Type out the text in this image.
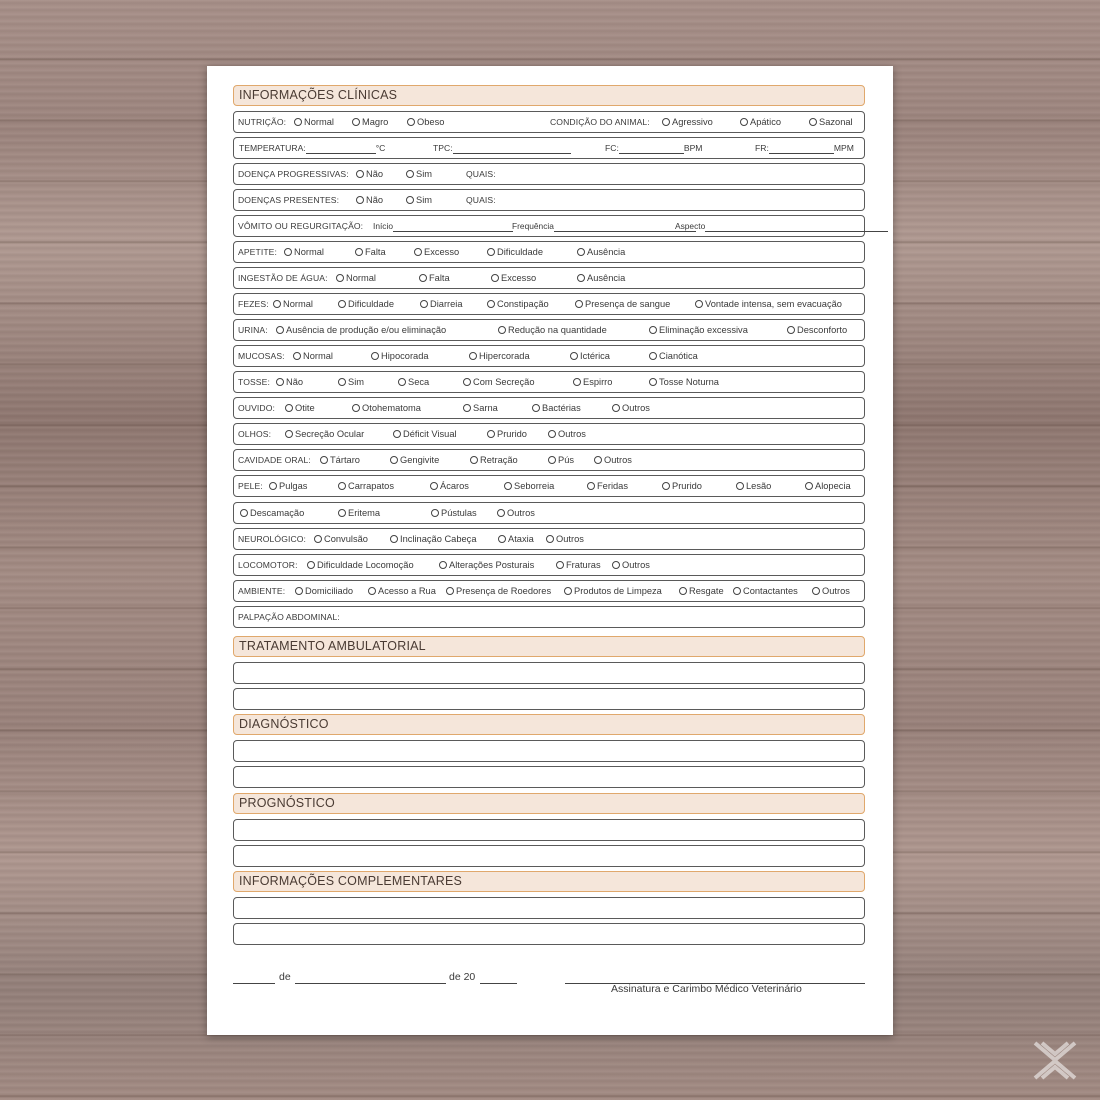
INFORMAÇÕES CLÍNICAS
NUTRIÇÃO:	Normal	Magro	Obeso	CONDIÇÃO DO ANIMAL:	Agressivo	Apático	Sazonal
TEMPERATURA:	°C	TPC:	FC:	BPM	FR:	MPM
DOENÇA PROGRESSIVAS:	Não	Sim	QUAIS:
DOENÇAS PRESENTES:	Não	Sim	QUAIS:
VÔMITO OU REGURGITAÇÃO: Início	Frequência	Aspecto
APETITE:	Normal	Falta	Excesso	Dificuldade	Ausência
INGESTÃO DE ÁGUA:	Normal	Falta	Excesso	Ausência
FEZES:	Normal	Dificuldade	Diarreia	Constipação	Presença de sangue	Vontade intensa, sem evacuação
URINA:	Ausência de produção e/ou eliminação	Redução na quantidade	Eliminação excessiva	Desconforto
MUCOSAS:	Normal	Hipocorada	Hipercorada	Ictérica	Cianótica
TOSSE:	Não	Sim	Seca	Com Secreção	Espirro	Tosse Noturna
OUVIDO:	Otite	Otohematoma	Sarna	Bactérias	Outros
OLHOS:	Secreção Ocular	Déficit Visual	Prurido	Outros
CAVIDADE ORAL:	Tártaro	Gengivite	Retração	Pús	Outros
PELE:	Pulgas	Carrapatos	Ácaros	Seborreia	Feridas	Prurido	Lesão	Alopecia
Descamação	Eritema	Pústulas	Outros
NEUROLÓGICO:	Convulsão	Inclinação Cabeça	Ataxia	Outros
LOCOMOTOR:	Dificuldade Locomoção	Alterações Posturais	Fraturas	Outros
AMBIENTE:	Domiciliado	Acesso a Rua	Presença de Roedores	Produtos de Limpeza	Resgate	Contactantes	Outros
PALPAÇÃO ABDOMINAL:
TRATAMENTO AMBULATORIAL
DIAGNÓSTICO
PROGNÓSTICO
INFORMAÇÕES COMPLEMENTARES
de	de 20
Assinatura e Carimbo Médico Veterinário
